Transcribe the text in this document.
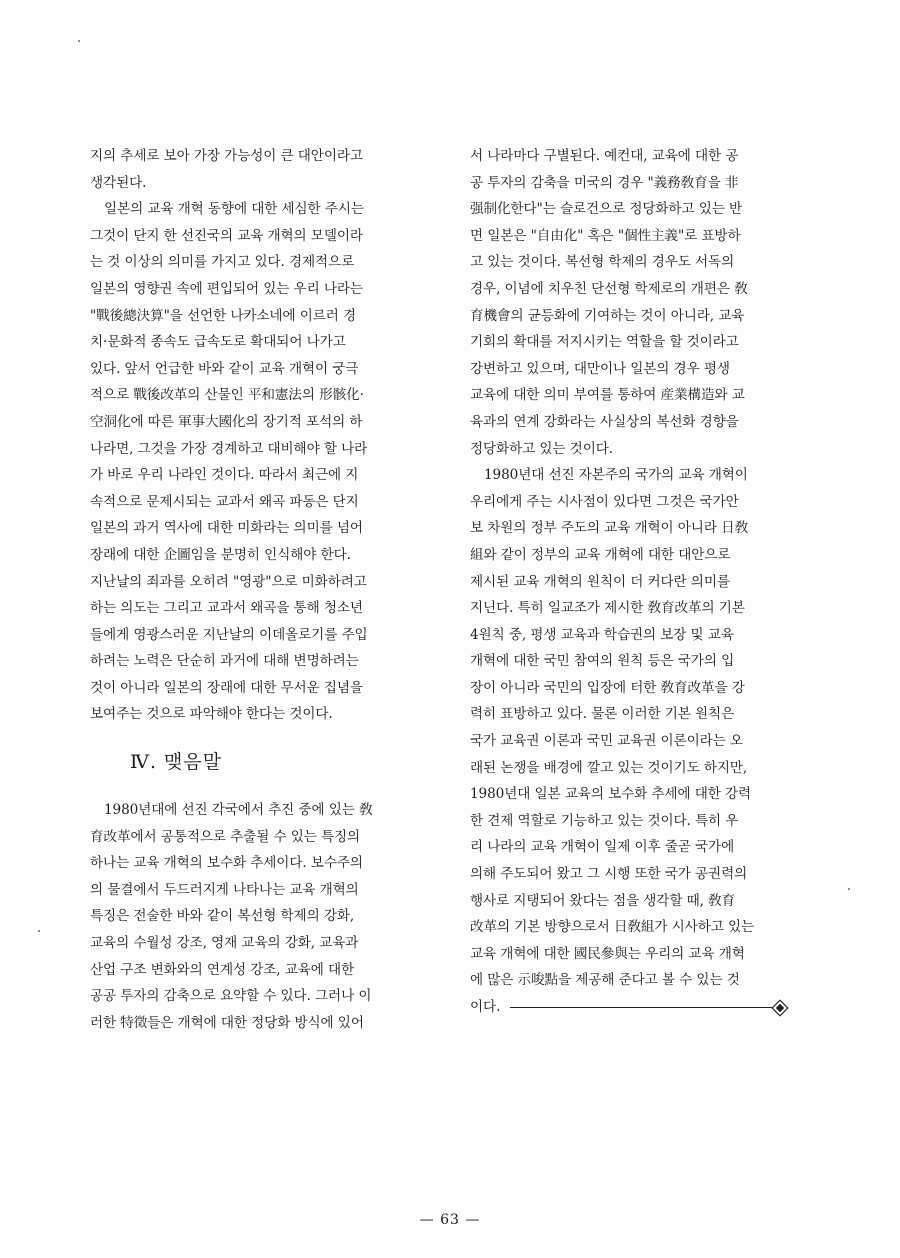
지의 추세로 보아 가장 가능성이 큰 대안이라고
생각된다.

일본의 교육 개혁 동향에 대한 세심한 주시는
그것이 단지 한 선진국의 교육 개혁의 모델이라
는 것 이상의 의미를 가지고 있다. 경제적으로
일본의 영향권 속에 편입되어 있는 우리 나라는
"戰後總決算"을 선언한 나카소네에 이르러 경
치·문화적 종속도 급속도로 확대되어 나가고
있다. 앞서 언급한 바와 같이 교육 개혁이 궁극
적으로 戰後改革의 산물인 平和憲法의 形骸化·
空洞化에 따른 軍事大國化의 장기적 포석의 하
나라면, 그것을 가장 경계하고 대비해야 할 나라
가 바로 우리 나라인 것이다. 따라서 최근에 지
속적으로 문제시되는 교과서 왜곡 파동은 단지
일본의 과거 역사에 대한 미화라는 의미를 넘어
장래에 대한 企圖임을 분명히 인식해야 한다.
지난날의 죄과를 오히려 "영광"으로 미화하려고
하는 의도는 그리고 교과서 왜곡을 통해 청소년
들에게 영광스러운 지난날의 이데올로기를 주입
하려는 노력은 단순히 과거에 대해 변명하려는
것이 아니라 일본의 장래에 대한 무서운 집념을
보여주는 것으로 파악해야 한다는 것이다.

Ⅳ. 맺음말

1980년대에 선진 각국에서 추진 중에 있는 敎
育改革에서 공통적으로 추출될 수 있는 특징의
하나는 교육 개혁의 보수화 추세이다. 보수주의
의 물결에서 두드러지게 나타나는 교육 개혁의
특징은 전술한 바와 같이 복선형 학제의 강화,
교육의 수월성 강조, 영재 교육의 강화, 교육과
산업 구조 변화와의 연계성 강조, 교육에 대한
공공 투자의 감축으로 요약할 수 있다. 그러나 이
러한 特徵들은 개혁에 대한 정당화 방식에 있어

서 나라마다 구별된다. 예컨대, 교육에 대한 공
공 투자의 감축을 미국의 경우 "義務敎育을 非
强制化한다"는 슬로건으로 정당화하고 있는 반
면 일본은 "自由化" 혹은 "個性主義"로 표방하
고 있는 것이다. 복선형 학제의 경우도 서독의
경우, 이념에 치우친 단선형 학제로의 개편은 敎
育機會의 균등화에 기여하는 것이 아니라, 교육
기회의 확대를 저지시키는 역할을 할 것이라고
강변하고 있으며, 대만이나 일본의 경우 평생
교육에 대한 의미 부여를 통하여 産業構造와 교
육과의 연계 강화라는 사실상의 복선화 경향을
정당화하고 있는 것이다.

1980년대 선진 자본주의 국가의 교육 개혁이
우리에게 주는 시사점이 있다면 그것은 국가안
보 차원의 정부 주도의 교육 개혁이 아니라 日敎
組와 같이 정부의 교육 개혁에 대한 대안으로
제시된 교육 개혁의 원칙이 더 커다란 의미를
지닌다. 특히 일교조가 제시한 敎育改革의 기본
4원칙 중, 평생 교육과 학습권의 보장 및 교육
개혁에 대한 국민 참여의 원칙 등은 국가의 입
장이 아니라 국민의 입장에 터한 敎育改革을 강
력히 표방하고 있다. 물론 이러한 기본 원칙은
국가 교육권 이론과 국민 교육권 이론이라는 오
래된 논쟁을 배경에 깔고 있는 것이기도 하지만,
1980년대 일본 교육의 보수화 추세에 대한 강력
한 견제 역할로 기능하고 있는 것이다. 특히 우
리 나라의 교육 개혁이 일제 이후 줄곧 국가에
의해 주도되어 왔고 그 시행 또한 국가 공권력의
행사로 지탱되어 왔다는 점을 생각할 때, 敎育
改革의 기본 방향으로서 日敎組가 시사하고 있는
교육 개혁에 대한 國民參與는 우리의 교육 개혁
에 많은 示唆點을 제공해 준다고 볼 수 있는 것
이다.

— 63 —
